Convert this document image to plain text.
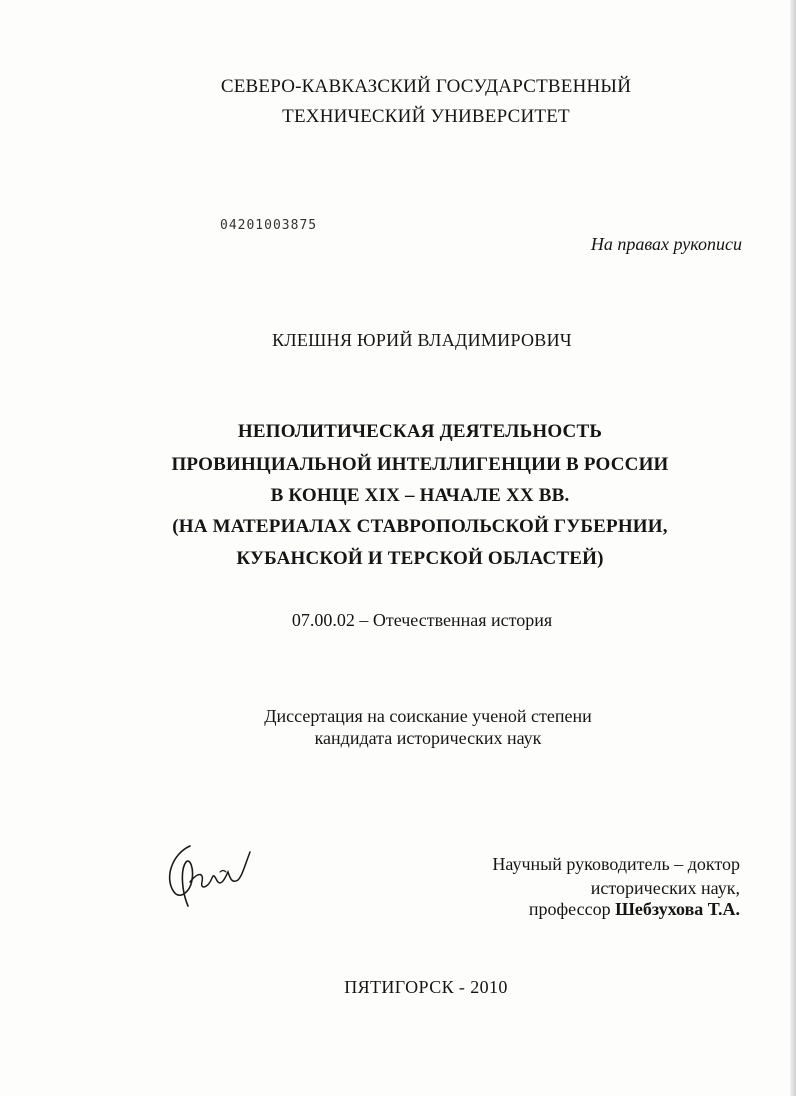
СЕВЕРО-КАВКАЗСКИЙ ГОСУДАРСТВЕННЫЙ
ТЕХНИЧЕСКИЙ УНИВЕРСИТЕТ
04201003875
На правах рукописи
КЛЕШНЯ ЮРИЙ ВЛАДИМИРОВИЧ
НЕПОЛИТИЧЕСКАЯ ДЕЯТЕЛЬНОСТЬ
ПРОВИНЦИАЛЬНОЙ ИНТЕЛЛИГЕНЦИИ В РОССИИ
В КОНЦЕ XIX – НАЧАЛЕ XX ВВ.
(НА МАТЕРИАЛАХ СТАВРОПОЛЬСКОЙ ГУБЕРНИИ,
КУБАНСКОЙ И ТЕРСКОЙ ОБЛАСТЕЙ)
07.00.02 – Отечественная история
Диссертация на соискание ученой степени
кандидата исторических наук
Научный руководитель – доктор
исторических наук,
профессор Шебзухова Т.А.
ПЯТИГОРСК - 2010
